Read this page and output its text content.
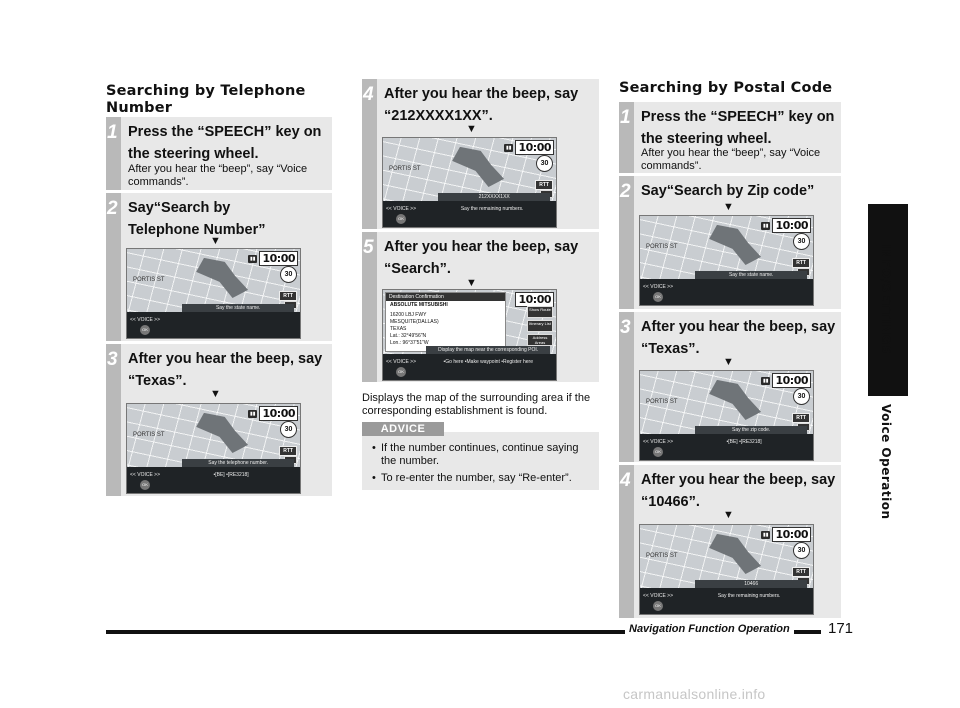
Searching by Telephone Number
1 Press the “SPEECH” key on the steering wheel.
After you hear the “beep”, say “Voice commands”.
2 Say“Search by Telephone Number”
▼
PORTIS ST
▮▮ 10:00
30
RTT
Say the state name.
<< VOICE >>
OK
3 After you hear the beep, say “Texas”.
▼
PORTIS ST
▮▮ 10:00
30
RTT
Say the telephone number.
<< VOICE >>	•[BE] •[RE3218]
OK
4 After you hear the beep, say “212XXXX1XX”.
▼
PORTIS ST
▮▮ 10:00
30
RTT
212XXXX1XX
<< VOICE >>	Say the remaining numbers.
OK
5 After you hear the beep, say “Search”.
▼
10:00
Destination Confirmation
ABSOLUTE MITSUBISHI
16200 LBJ FWY
MESQUITE(DALLAS)
TEXAS
Lat.: 32°49'56"N
Lon.: 96°37'51"W
Show Route
Itinerary List
Address Areas
Display the map near the corresponding POI.
<< VOICE >>	•Go here •Make waypoint •Register here
OK
Displays the map of the surrounding area if the corresponding establishment is found.
ADVICE
• If the number continues, continue saying the number.
• To re-enter the number, say “Re-enter”.
Searching by Postal Code
1 Press the “SPEECH” key on the steering wheel.
After you hear the “beep”, say “Voice commands”.
2 Say“Search by Zip code”
▼
PORTIS ST
▮▮ 10:00
30
RTT
Say the state name.
<< VOICE >>
OK
3 After you hear the beep, say “Texas”.
▼
PORTIS ST
▮▮ 10:00
30
RTT
Say the zip code.
<< VOICE >>	•[BE] •[RE3218]
OK
4 After you hear the beep, say “10466”.
▼
PORTIS ST
▮▮ 10:00
30
RTT
10466
<< VOICE >>	Say the remaining numbers.
OK
INFO/SETTINGS
Voice Operation
Navigation Function Operation	171
carmanualsonline.info
